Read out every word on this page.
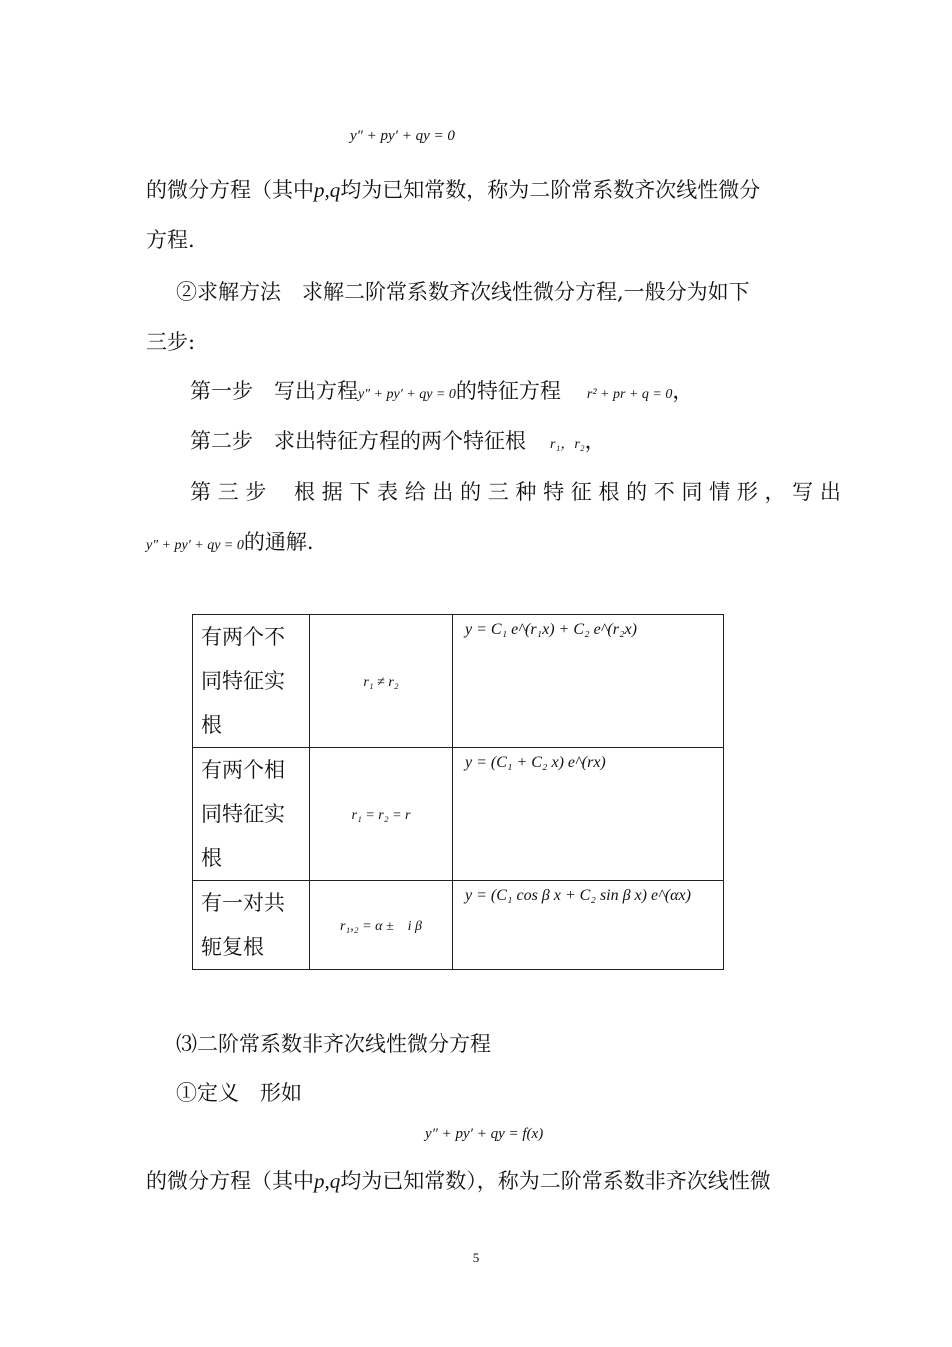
y″ + py′ + qy = 0
的微分方程（其中p,q均为已知常数，称为二阶常系数齐次线性微分
方程.
②求解方法　求解二阶常系数齐次线性微分方程,一般分为如下
三步:
第一步　写出方程y″ + py′ + qy = 0的特征方程 r² + pr + q = 0，
第二步　求出特征方程的两个特征根 r₁，r₂，
第 三 步　 根 据 下 表 给 出 的 三 种 特 征 根 的 不 同 情 形 ， 写 出
y″ + py′ + qy = 0的通解.
有两个不
同特征实
根	r₁ ≠ r₂	y = C₁ e^(r₁x) + C₂ e^(r₂x)

有两个相
同特征实
根	r₁ = r₂ = r	y = (C₁ + C₂ x) e^(rx)

有一对共
轭复根	r₁,₂ = α ±　i β	y = (C₁ cos β x + C₂ sin β x) e^(αx)
⑶二阶常系数非齐次线性微分方程
①定义　形如
y″ + py′ + qy = f(x)
的微分方程（其中p,q均为已知常数），称为二阶常系数非齐次线性微
5
